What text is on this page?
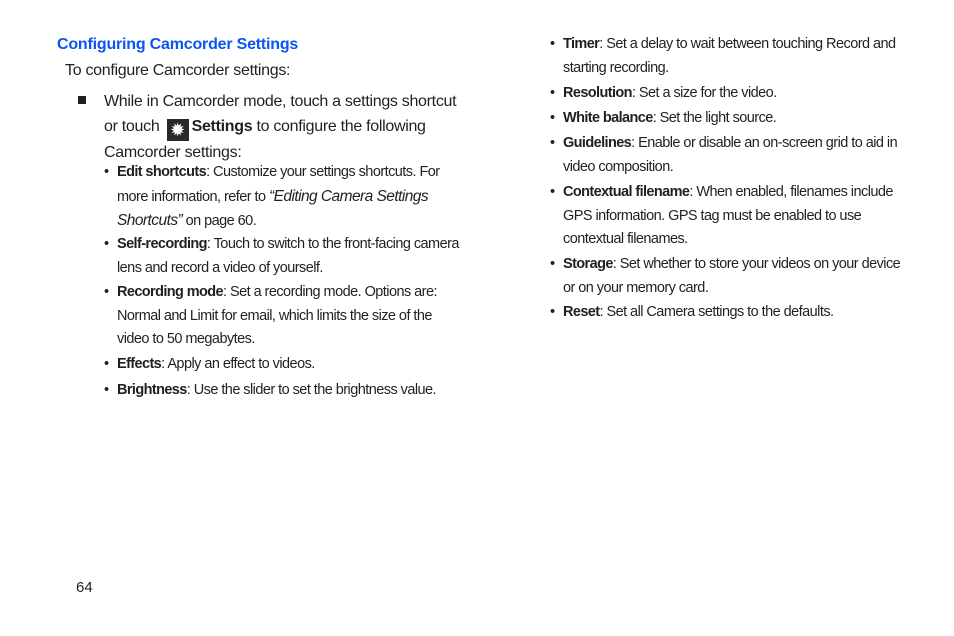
Configuring Camcorder Settings
To configure Camcorder settings:
While in Camcorder mode, touch a settings shortcut or touch ✹ Settings to configure the following Camcorder settings:
• Edit shortcuts: Customize your settings shortcuts. For more information, refer to “Editing Camera Settings Shortcuts” on page 60.
• Self-recording: Touch to switch to the front-facing camera lens and record a video of yourself.
• Recording mode: Set a recording mode. Options are: Normal and Limit for email, which limits the size of the video to 50 megabytes.
• Effects: Apply an effect to videos.
• Brightness: Use the slider to set the brightness value.
• Timer: Set a delay to wait between touching Record and starting recording.
• Resolution: Set a size for the video.
• White balance: Set the light source.
• Guidelines: Enable or disable an on-screen grid to aid in video composition.
• Contextual filename: When enabled, filenames include GPS information. GPS tag must be enabled to use contextual filenames.
• Storage: Set whether to store your videos on your device or on your memory card.
• Reset: Set all Camera settings to the defaults.
64
